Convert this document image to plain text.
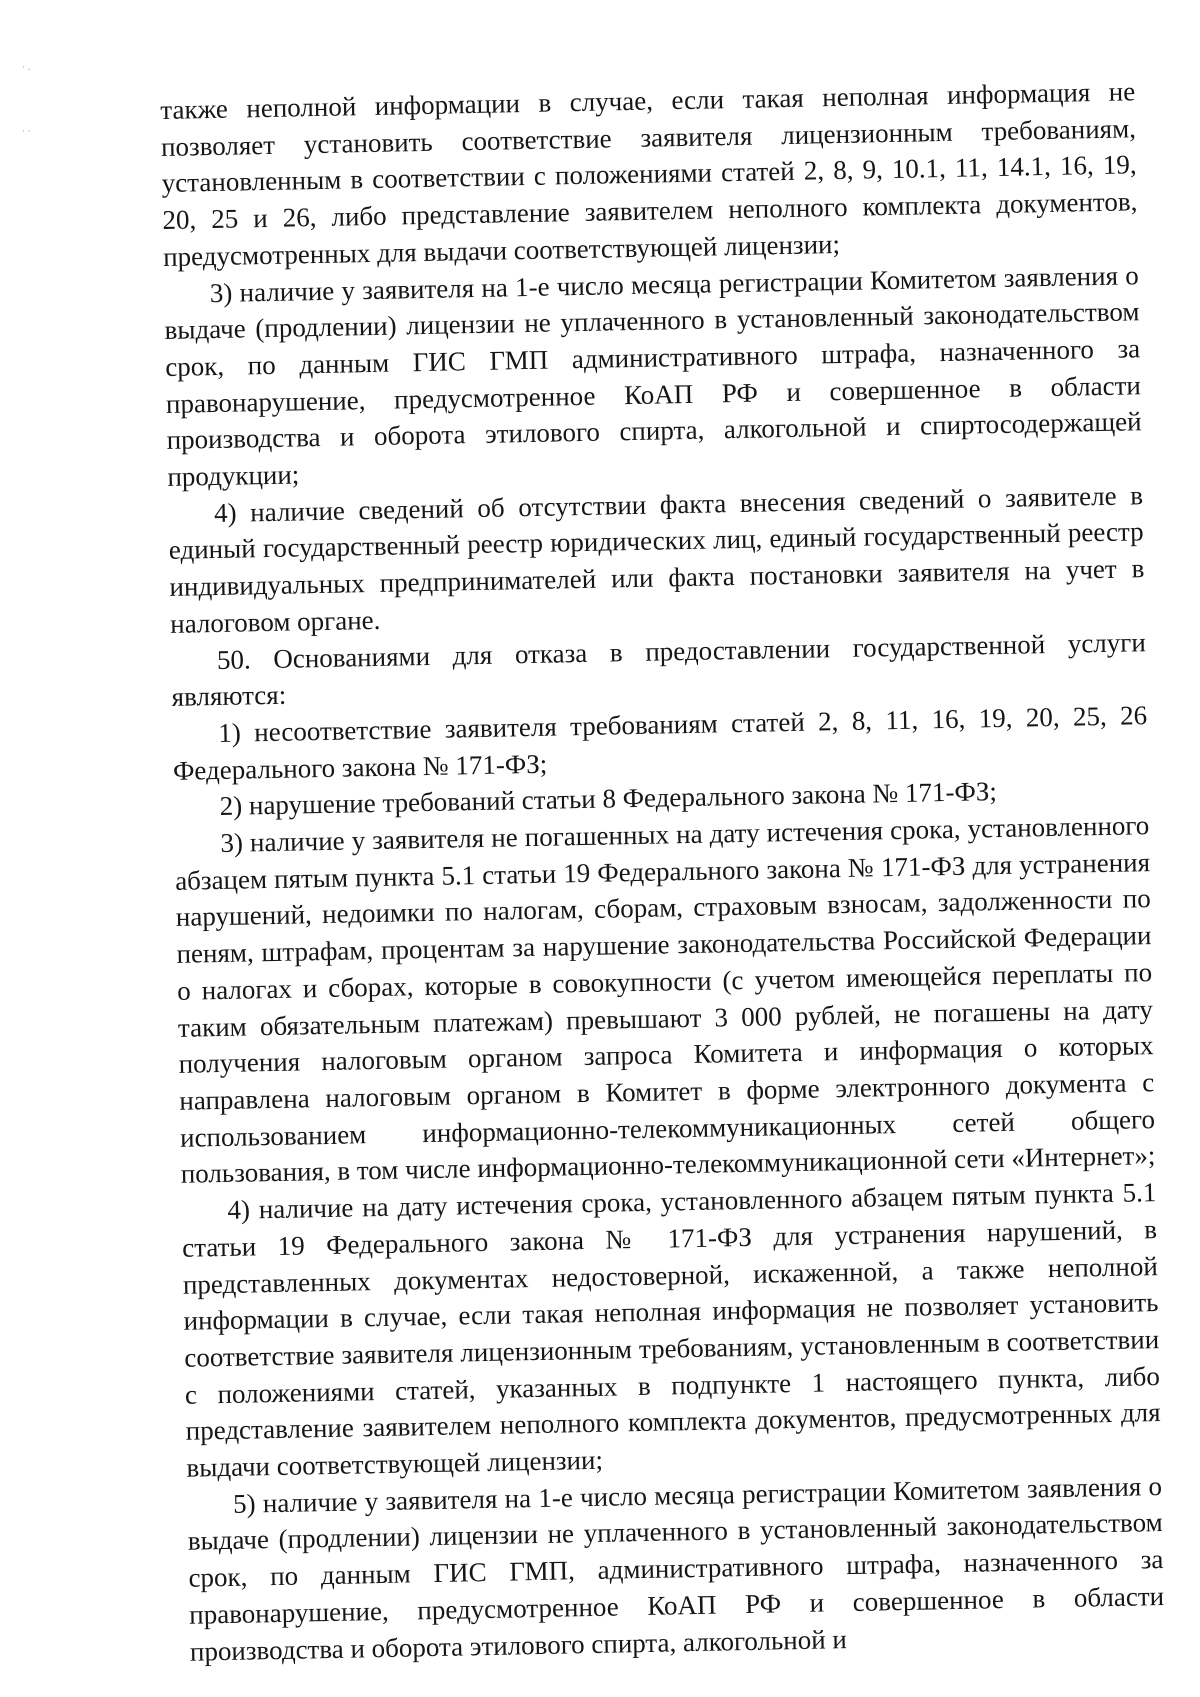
· .
· ·

также неполной информации в случае, если такая неполная информация не позволяет установить соответствие заявителя лицензионным требованиям, установленным в соответствии с положениями статей 2, 8, 9, 10.1, 11, 14.1, 16, 19, 20, 25 и 26, либо представление заявителем неполного комплекта документов, предусмотренных для выдачи соответствующей лицензии;

3) наличие у заявителя на 1-е число месяца регистрации Комитетом заявления о выдаче (продлении) лицензии не уплаченного в установленный законодательством срок, по данным ГИС ГМП административного штрафа, назначенного за правонарушение, предусмотренное КоАП РФ и совершенное в области производства и оборота этилового спирта, алкогольной и спиртосодержащей продукции;

4) наличие сведений об отсутствии факта внесения сведений о заявителе в единый государственный реестр юридических лиц, единый государственный реестр индивидуальных предпринимателей или факта постановки заявителя на учет в налоговом органе.

50. Основаниями для отказа в предоставлении государственной услуги являются:

1) несоответствие заявителя требованиям статей 2, 8, 11, 16, 19, 20, 25, 26 Федерального закона № 171-ФЗ;

2) нарушение требований статьи 8 Федерального закона № 171-ФЗ;

3) наличие у заявителя не погашенных на дату истечения срока, установленного абзацем пятым пункта 5.1 статьи 19 Федерального закона № 171-ФЗ для устранения нарушений, недоимки по налогам, сборам, страховым взносам, задолженности по пеням, штрафам, процентам за нарушение законодательства Российской Федерации о налогах и сборах, которые в совокупности (с учетом имеющейся переплаты по таким обязательным платежам) превышают 3 000 рублей, не погашены на дату получения налоговым органом запроса Комитета и информация о которых направлена налоговым органом в Комитет в форме электронного документа с использованием информационно-телекоммуникационных сетей общего пользования, в том числе информационно-телекоммуникационной сети «Интернет»;

4) наличие на дату истечения срока, установленного абзацем пятым пункта 5.1 статьи 19 Федерального закона № 171-ФЗ для устранения нарушений, в представленных документах недостоверной, искаженной, а также неполной информации в случае, если такая неполная информация не позволяет установить соответствие заявителя лицензионным требованиям, установленным в соответствии с положениями статей, указанных в подпункте 1 настоящего пункта, либо представление заявителем неполного комплекта документов, предусмотренных для выдачи соответствующей лицензии;

5) наличие у заявителя на 1-е число месяца регистрации Комитетом заявления о выдаче (продлении) лицензии не уплаченного в установленный законодательством срок, по данным ГИС ГМП, административного штрафа, назначенного за правонарушение, предусмотренное КоАП РФ и совершенное в области производства и оборота этилового спирта, алкогольной и
